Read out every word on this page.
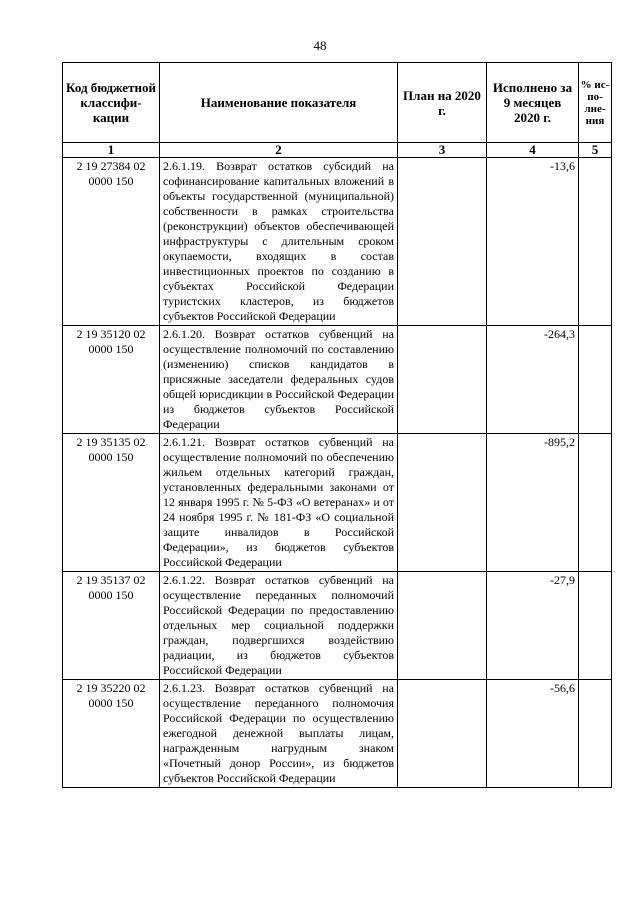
48
Код бюджетной классифи-кации	Наименование показателя	План на 2020 г.	Исполнено за 9 месяцев 2020 г.	% ис-по-лне-ния
1	2	3	4	5
2 19 27384 02 0000 150	2.6.1.19. Возврат остатков субсидий на софинансирование капитальных вложений в объекты государственной (муниципальной) собственности в рамках строительства (реконструкции) объектов обеспечивающей инфраструктуры с длительным сроком окупаемости, входящих в состав инвестиционных проектов по созданию в субъектах Российской Федерации туристских кластеров, из бюджетов субъектов Российской Федерации		-13,6	
2 19 35120 02 0000 150	2.6.1.20. Возврат остатков субвенций на осуществление полномочий по составлению (изменению) списков кандидатов в присяжные заседатели федеральных судов общей юрисдикции в Российской Федерации из бюджетов субъектов Российской Федерации		-264,3	
2 19 35135 02 0000 150	2.6.1.21. Возврат остатков субвенций на осуществление полномочий по обеспечению жильем отдельных категорий граждан, установленных федеральными законами от 12 января 1995 г. № 5-ФЗ «О ветеранах» и от 24 ноября 1995 г. № 181-ФЗ «О социальной защите инвалидов в Российской Федерации», из бюджетов субъектов Российской Федерации		-895,2	
2 19 35137 02 0000 150	2.6.1.22. Возврат остатков субвенций на осуществление переданных полномочий Российской Федерации по предоставлению отдельных мер социальной поддержки граждан, подвергшихся воздействию радиации, из бюджетов субъектов Российской Федерации		-27,9	
2 19 35220 02 0000 150	2.6.1.23. Возврат остатков субвенций на осуществление переданного полномочия Российской Федерации по осуществлению ежегодной денежной выплаты лицам, награжденным нагрудным знаком «Почетный донор России», из бюджетов субъектов Российской Федерации		-56,6	
